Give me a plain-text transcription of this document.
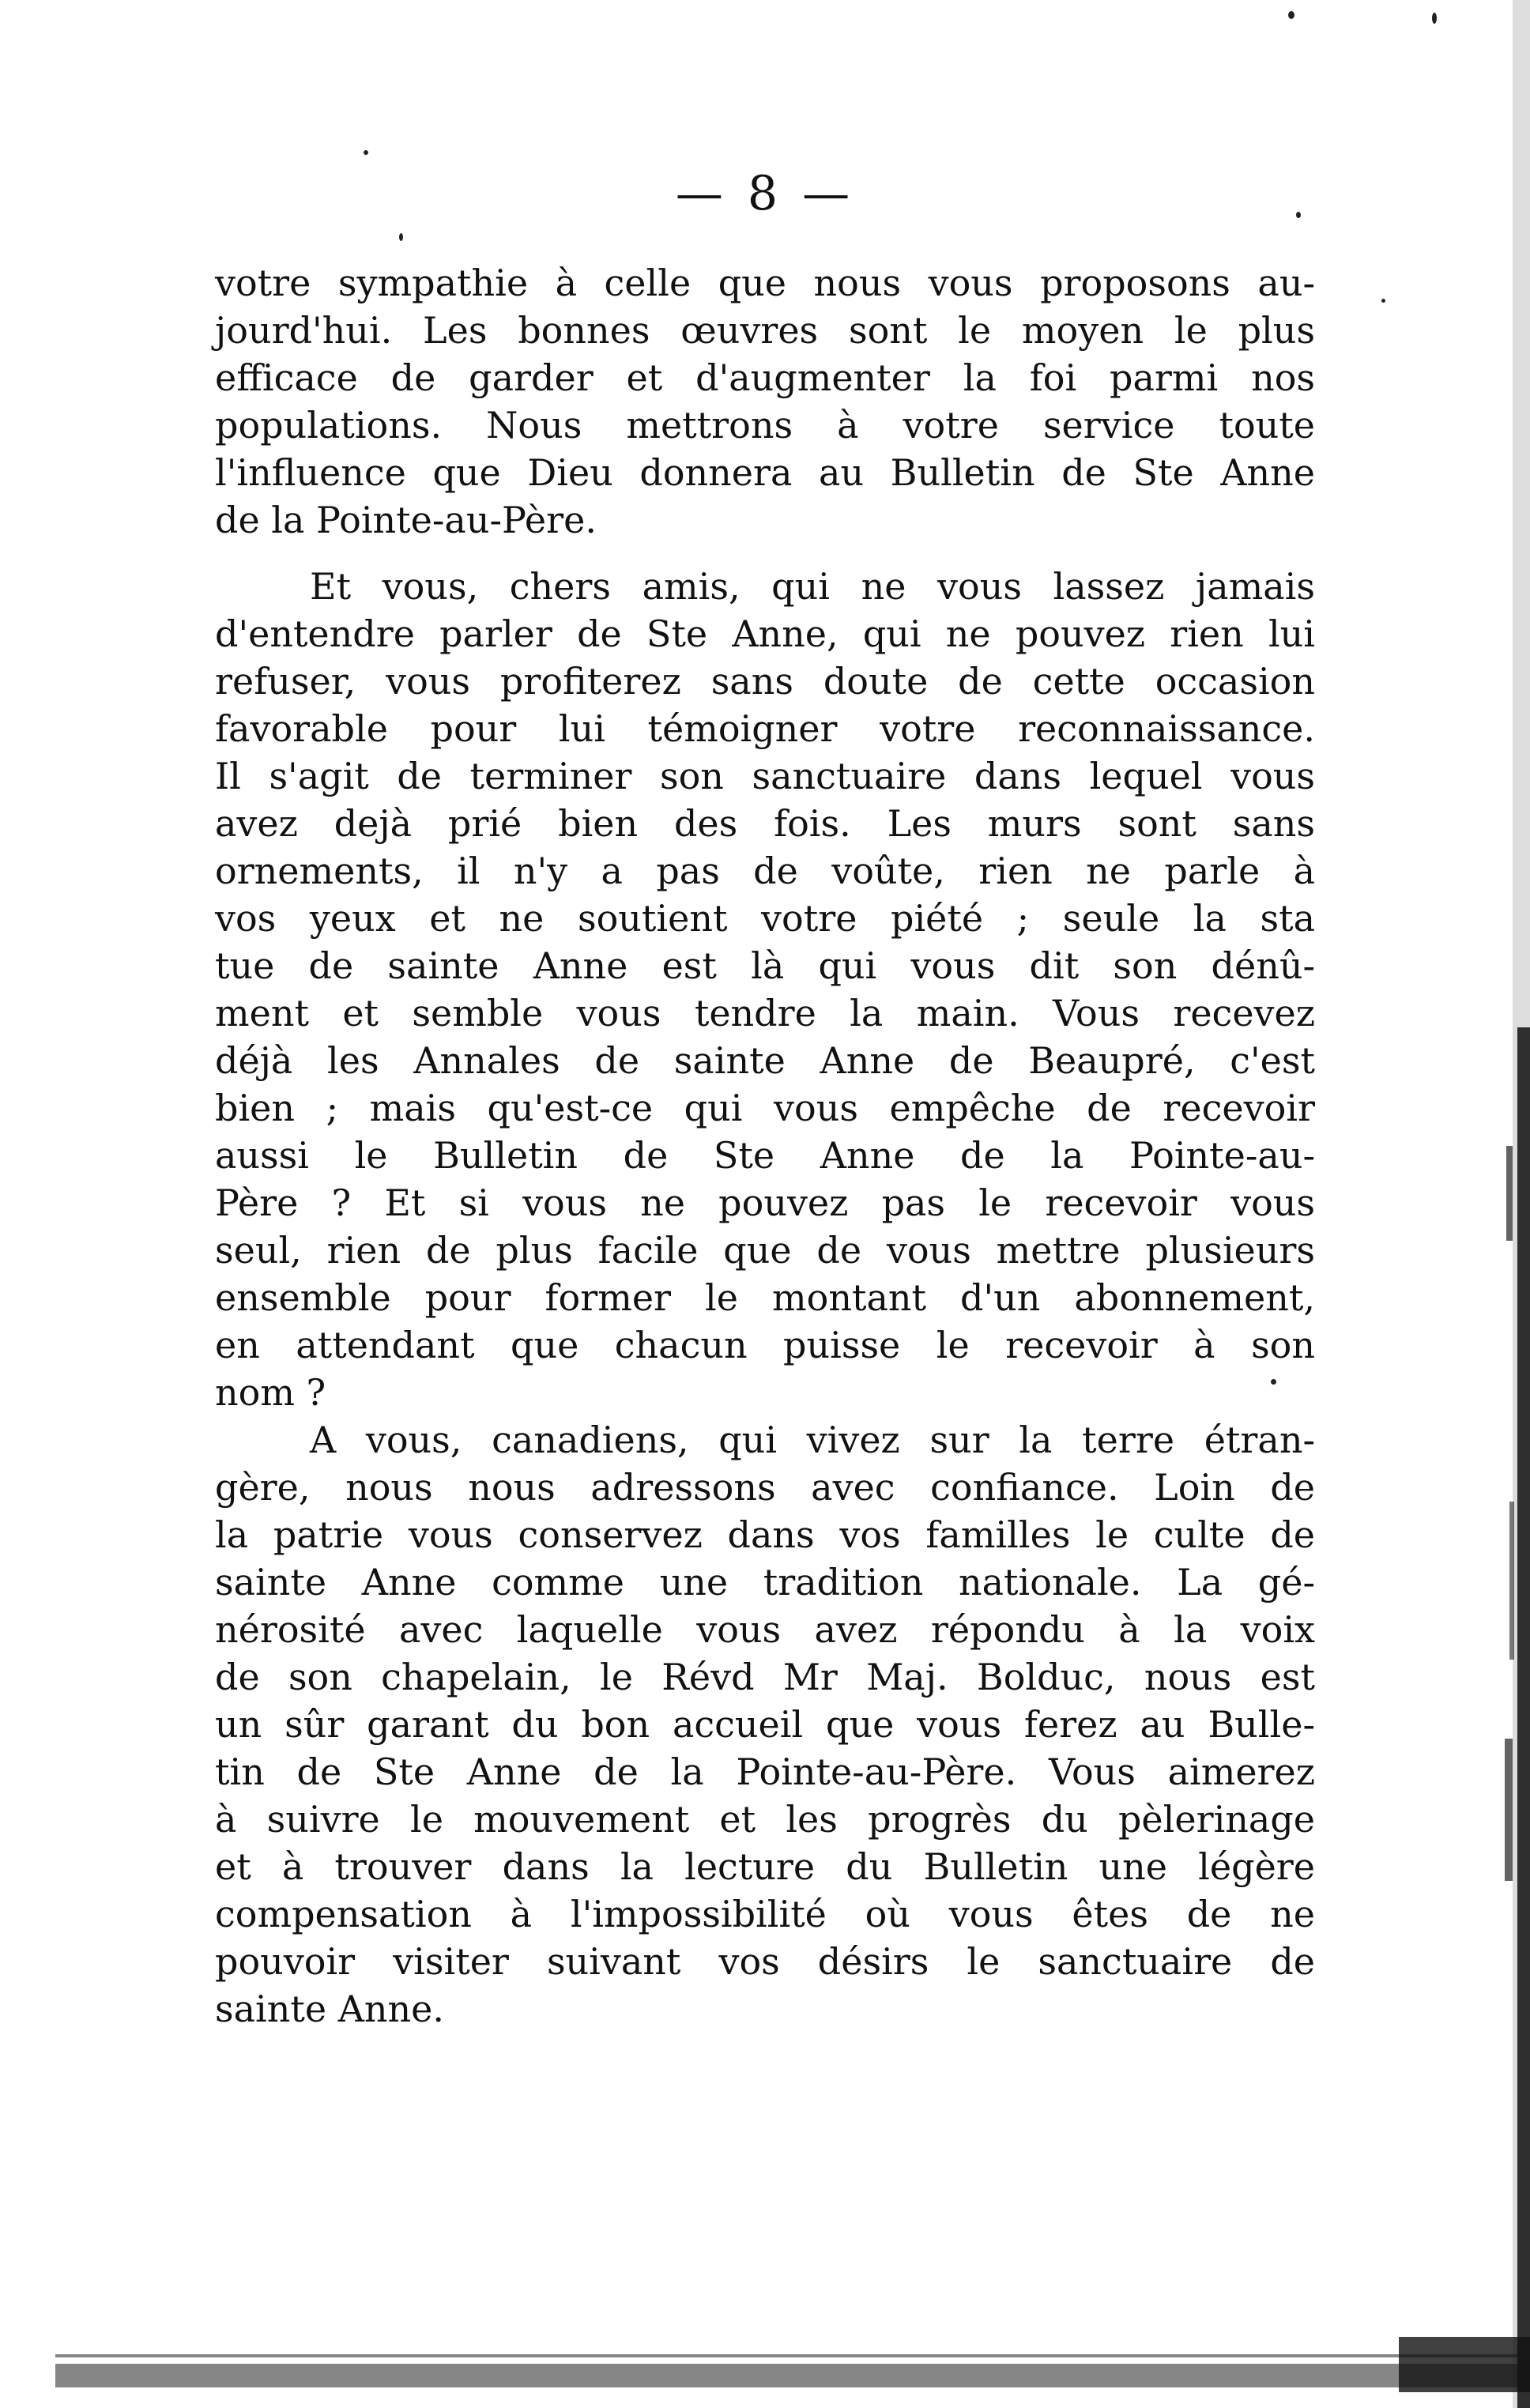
— 8 —
votre sympathie à celle que nous vous proposons au-
jourd'hui. Les bonnes œuvres sont le moyen le plus
efficace de garder et d'augmenter la foi parmi nos
populations. Nous mettrons à votre service toute
l'influence que Dieu donnera au Bulletin de Ste Anne
de la Pointe-au-Père.
Et vous, chers amis, qui ne vous lassez jamais
d'entendre parler de Ste Anne, qui ne pouvez rien lui
refuser, vous profiterez sans doute de cette occasion
favorable pour lui témoigner votre reconnaissance.
Il s'agit de terminer son sanctuaire dans lequel vous
avez dejà prié bien des fois. Les murs sont sans
ornements, il n'y a pas de voûte, rien ne parle à
vos yeux et ne soutient votre piété ; seule la sta
tue de sainte Anne est là qui vous dit son dénû-
ment et semble vous tendre la main. Vous recevez
déjà les Annales de sainte Anne de Beaupré, c'est
bien ; mais qu'est-ce qui vous empêche de recevoir
aussi le Bulletin de Ste Anne de la Pointe-au-
Père ? Et si vous ne pouvez pas le recevoir vous
seul, rien de plus facile que de vous mettre plusieurs
ensemble pour former le montant d'un abonnement,
en attendant que chacun puisse le recevoir à son
nom ?
A vous, canadiens, qui vivez sur la terre étran-
gère, nous nous adressons avec confiance. Loin de
la patrie vous conservez dans vos familles le culte de
sainte Anne comme une tradition nationale. La gé-
nérosité avec laquelle vous avez répondu à la voix
de son chapelain, le Révd Mr Maj. Bolduc, nous est
un sûr garant du bon accueil que vous ferez au Bulle-
tin de Ste Anne de la Pointe-au-Père. Vous aimerez
à suivre le mouvement et les progrès du pèlerinage
et à trouver dans la lecture du Bulletin une légère
compensation à l'impossibilité où vous êtes de ne
pouvoir visiter suivant vos désirs le sanctuaire de
sainte Anne.
